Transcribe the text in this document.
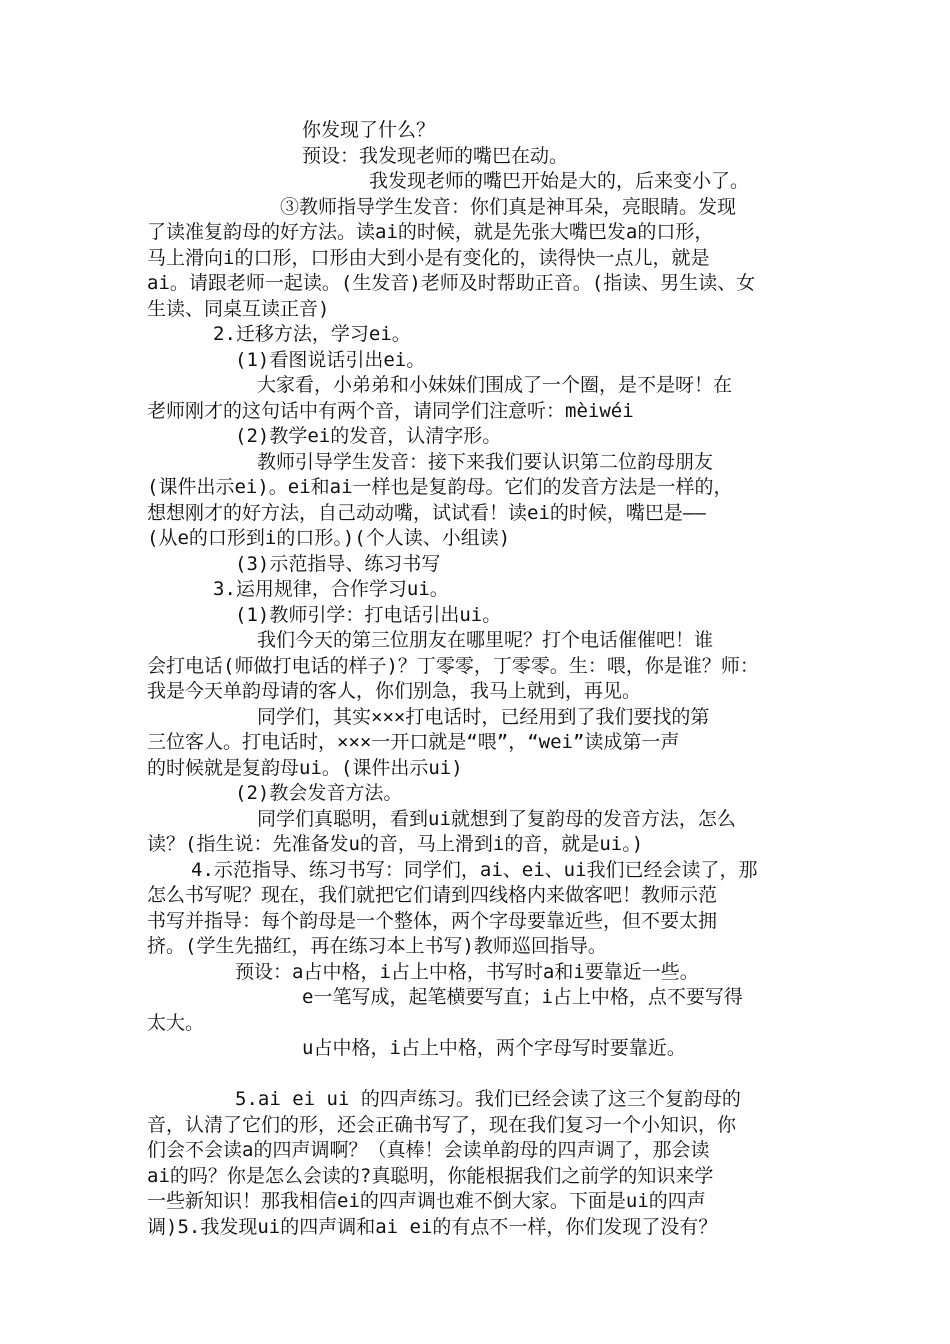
你发现了什么？

预设：我发现老师的嘴巴在动。

我发现老师的嘴巴开始是大的，后来变小了。

③教师指导学生发音：你们真是神耳朵，亮眼睛。发现

了读准复韵母的好方法。读ai的时候，就是先张大嘴巴发a的口形，

马上滑向i的口形，口形由大到小是有变化的，读得快一点儿，就是

ai。请跟老师一起读。(生发音)老师及时帮助正音。(指读、男生读、女

生读、同桌互读正音)

2.迁移方法，学习ei。

(1)看图说话引出ei。

大家看，小弟弟和小妹妹们围成了一个圈，是不是呀！在

老师刚才的这句话中有两个音，请同学们注意听：mèiwéi

(2)教学ei的发音，认清字形。

教师引导学生发音：接下来我们要认识第二位韵母朋友

(课件出示ei)。ei和ai一样也是复韵母。它们的发音方法是一样的，

想想刚才的好方法，自己动动嘴，试试看！读ei的时候，嘴巴是——

(从e的口形到i的口形。)(个人读、小组读)

(3)示范指导、练习书写

3.运用规律，合作学习ui。

(1)教师引学：打电话引出ui。

我们今天的第三位朋友在哪里呢？打个电话催催吧！谁

会打电话(师做打电话的样子)？丁零零，丁零零。生：喂，你是谁？师：

我是今天单韵母请的客人，你们别急，我马上就到，再见。

同学们，其实×××打电话时，已经用到了我们要找的第

三位客人。打电话时，×××一开口就是“喂”，“wei”读成第一声

的时候就是复韵母ui。(课件出示ui)

(2)教会发音方法。

同学们真聪明，看到ui就想到了复韵母的发音方法，怎么

读？(指生说：先准备发u的音，马上滑到i的音，就是ui。)

4.示范指导、练习书写：同学们，ai、ei、ui我们已经会读了，那

怎么书写呢？现在，我们就把它们请到四线格内来做客吧！教师示范

书写并指导：每个韵母是一个整体，两个字母要靠近些，但不要太拥

挤。(学生先描红，再在练习本上书写)教师巡回指导。

预设：a占中格，i占上中格，书写时a和i要靠近一些。

e一笔写成，起笔横要写直；i占上中格，点不要写得

太大。

u占中格，i占上中格，两个字母写时要靠近。

5.ai ei ui 的四声练习。我们已经会读了这三个复韵母的

音，认清了它们的形，还会正确书写了，现在我们复习一个小知识，你

们会不会读a的四声调啊？（真棒！会读单韵母的四声调了，那会读

ai的吗？你是怎么会读的?真聪明，你能根据我们之前学的知识来学

一些新知识！那我相信ei的四声调也难不倒大家。下面是ui的四声

调)5.我发现ui的四声调和ai ei的有点不一样，你们发现了没有？
